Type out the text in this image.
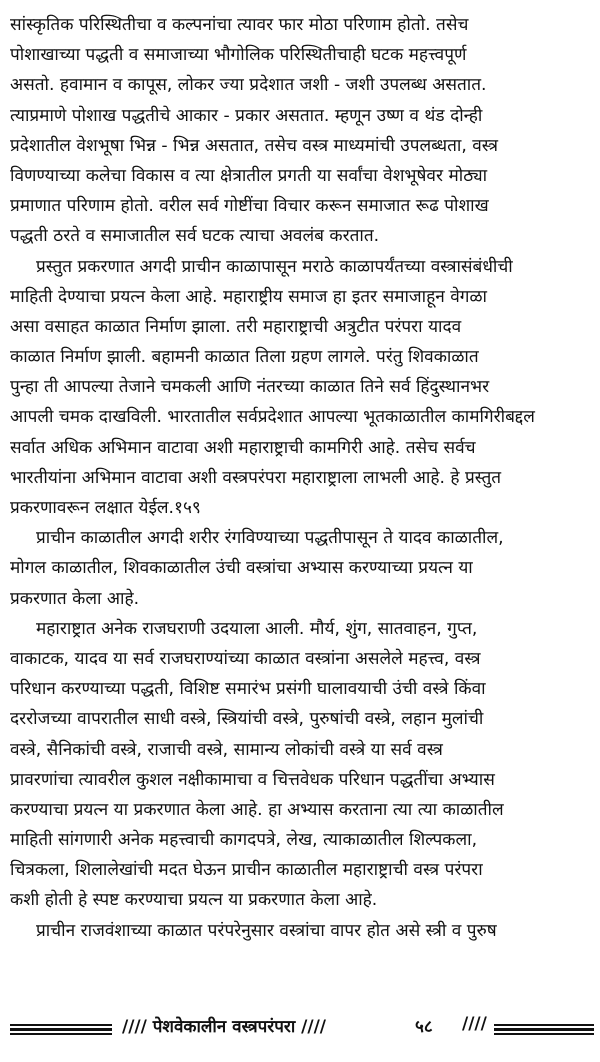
सांस्कृतिक परिस्थितीचा व कल्पनांचा त्यावर फार मोठा परिणाम होतो. तसेच
पोशाखाच्या पद्धती व समाजाच्या भौगोलिक परिस्थितीचाही घटक महत्त्वपूर्ण
असतो. हवामान व कापूस, लोकर ज्या प्रदेशात जशी - जशी उपलब्ध असतात.
त्याप्रमाणे पोशाख पद्धतीचे आकार - प्रकार असतात. म्हणून उष्ण व थंड दोन्ही
प्रदेशातील वेशभूषा भिन्न - भिन्न असतात, तसेच वस्त्र माध्यमांची उपलब्धता, वस्त्र
विणण्याच्या कलेचा विकास व त्या क्षेत्रातील प्रगती या सर्वांचा वेशभूषेवर मोठ्या
प्रमाणात परिणाम होतो. वरील सर्व गोष्टींचा विचार करून समाजात रूढ पोशाख
पद्धती ठरते व समाजातील सर्व घटक त्याचा अवलंब करतात.
प्रस्तुत प्रकरणात अगदी प्राचीन काळापासून मराठे काळापर्यंतच्या वस्त्रासंबंधीची
माहिती देण्याचा प्रयत्न केला आहे. महाराष्ट्रीय समाज हा इतर समाजाहून वेगळा
असा वसाहत काळात निर्माण झाला. तरी महाराष्ट्राची अत्रुटीत परंपरा यादव
काळात निर्माण झाली. बहामनी काळात तिला ग्रहण लागले. परंतु शिवकाळात
पुन्हा ती आपल्या तेजाने चमकली आणि नंतरच्या काळात तिने सर्व हिंदुस्थानभर
आपली चमक दाखविली. भारतातील सर्वप्रदेशात आपल्या भूतकाळातील कामगिरीबद्दल
सर्वात अधिक अभिमान वाटावा अशी महाराष्ट्राची कामगिरी आहे. तसेच सर्वच
भारतीयांना अभिमान वाटावा अशी वस्त्रपरंपरा महाराष्ट्राला लाभली आहे. हे प्रस्तुत
प्रकरणावरून लक्षात येईल.१५९
प्राचीन काळातील अगदी शरीर रंगविण्याच्या पद्धतीपासून ते यादव काळातील,
मोगल काळातील, शिवकाळातील उंची वस्त्रांचा अभ्यास करण्याच्या प्रयत्न या
प्रकरणात केला आहे.
महाराष्ट्रात अनेक राजघराणी उदयाला आली. मौर्य, शुंग, सातवाहन, गुप्त,
वाकाटक, यादव या सर्व राजघराण्यांच्या काळात वस्त्रांना असलेले महत्त्व, वस्त्र
परिधान करण्याच्या पद्धती, विशिष्ट समारंभ प्रसंगी घालावयाची उंची वस्त्रे किंवा
दररोजच्या वापरातील साधी वस्त्रे, स्त्रियांची वस्त्रे, पुरुषांची वस्त्रे, लहान मुलांची
वस्त्रे, सैनिकांची वस्त्रे, राजाची वस्त्रे, सामान्य लोकांची वस्त्रे या सर्व वस्त्र
प्रावरणांचा त्यावरील कुशल नक्षीकामाचा व चित्तवेधक परिधान पद्धतींचा अभ्यास
करण्याचा प्रयत्न या प्रकरणात केला आहे. हा अभ्यास करताना त्या त्या काळातील
माहिती सांगणारी अनेक महत्त्वाची कागदपत्रे, लेख, त्याकाळातील शिल्पकला,
चित्रकला, शिलालेखांची मदत घेऊन प्राचीन काळातील महाराष्ट्राची वस्त्र परंपरा
कशी होती हे स्पष्ट करण्याचा प्रयत्न या प्रकरणात केला आहे.
प्राचीन राजवंशाच्या काळात परंपरेनुसार वस्त्रांचा वापर होत असे स्त्री व पुरुष
//// पेशवेकालीन वस्त्रपरंपरा ////	५८ ////
